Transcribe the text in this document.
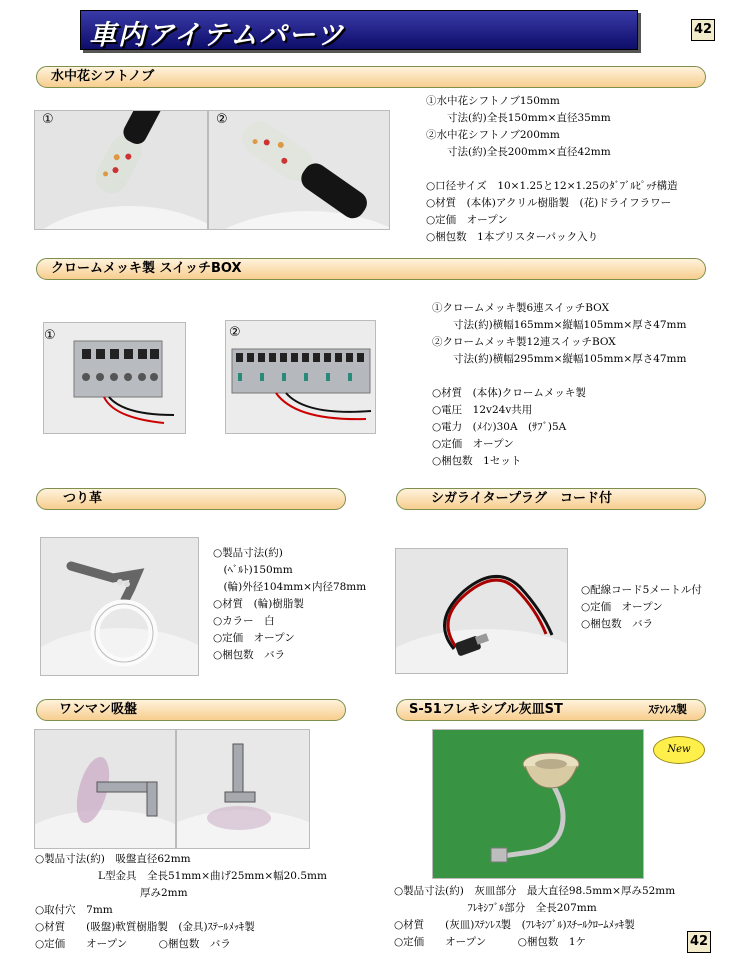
車内アイテムパーツ	42
水中花シフトノブ
①	②
①水中花シフトノブ150mm
　　寸法(約)全長150mm×直径35mm
②水中花シフトノブ200mm
　　寸法(約)全長200mm×直径42mm
○口径サイズ　10×1.25と12×1.25のﾀﾞﾌﾞﾙﾋﾟｯﾁ構造
○材質　(本体)アクリル樹脂製　(花)ドライフラワー
○定価　オープン
○梱包数　1本ブリスターパック入り
クロームメッキ製 スイッチBOX
①	②
①クロームメッキ製6連スイッチBOX
　　寸法(約)横幅165mm×縦幅105mm×厚さ47mm
②クロームメッキ製12連スイッチBOX
　　寸法(約)横幅295mm×縦幅105mm×厚さ47mm
○材質　(本体)クロームメッキ製
○電圧　12v24v共用
○電力　(ﾒｲﾝ)30A　(ｻﾌﾞ)5A
○定価　オープン
○梱包数　1セット
つり革
○製品寸法(約)
　(ﾍﾞﾙﾄ)150mm
　(輪)外径104mm×内径78mm
○材質　(輪)樹脂製
○カラー　白
○定価　オープン
○梱包数　バラ
シガライタープラグ　コード付
○配線コード5メートル付
○定価　オープン
○梱包数　バラ
ワンマン吸盤
○製品寸法(約)　吸盤直径62mm
　　　　　　L型金具　全長51mm×曲げ25mm×幅20.5mm
　　　　　　　　　　厚み2mm
○取付穴　7mm
○材質　　(吸盤)軟質樹脂製　(金具)ｽﾃｰﾙﾒｯｷ製
○定価　　オープン　　　○梱包数　バラ
S-51フレキシブル灰皿ST	ｽﾃﾝﾚｽ製
New
○製品寸法(約)　灰皿部分　最大直径98.5mm×厚み52mm
　　　　　　　ﾌﾚｷｼﾌﾞﾙ部分　全長207mm
○材質　　(灰皿)ｽﾃﾝﾚｽ製　(ﾌﾚｷｼﾌﾞﾙ)ｽﾁｰﾙｸﾛｰﾑﾒｯｷ製
○定価　　オープン　　　○梱包数　1ケ	42
